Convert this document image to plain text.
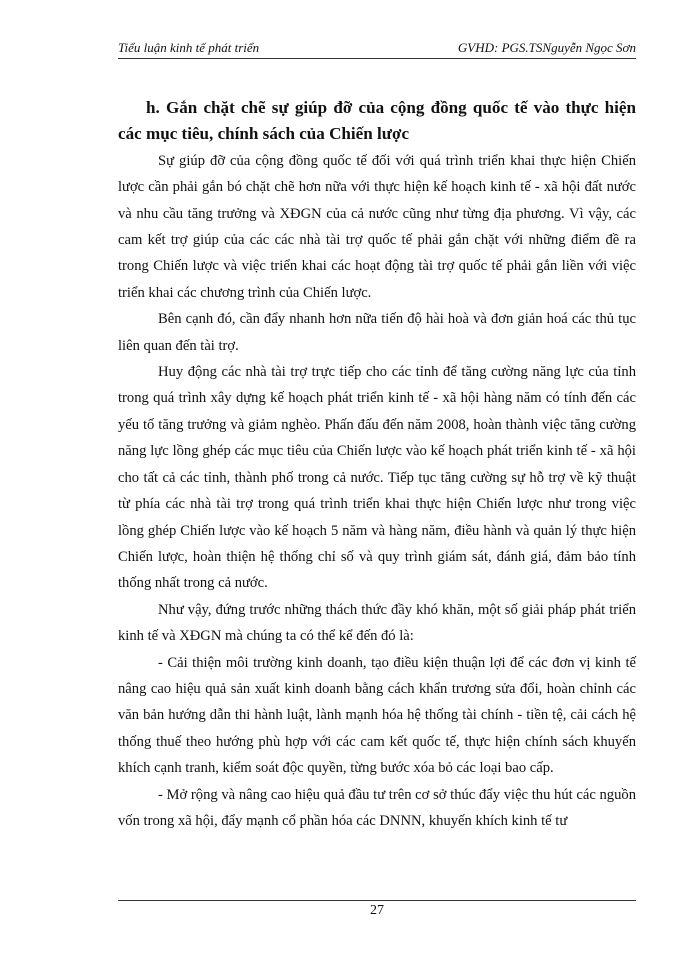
Tiểu luận kinh tế phát triển	GVHD: PGS.TSNguyễn Ngọc Sơn
h. Gắn chặt chẽ sự giúp đỡ của cộng đồng quốc tế vào thực hiện các mục tiêu, chính sách của Chiến lược

Sự giúp đỡ của cộng đồng quốc tế đối với quá trình triển khai thực hiện Chiến lược cần phải gắn bó chặt chẽ hơn nữa với thực hiện kế hoạch kinh tế - xã hội đất nước và nhu cầu tăng trưởng và XĐGN của cả nước cũng như từng địa phương. Vì vậy, các cam kết trợ giúp của các các nhà tài trợ quốc tế phải gắn chặt với những điểm đề ra trong Chiến lược và việc triển khai các hoạt động tài trợ quốc tế phải gắn liền với việc triển khai các chương trình của Chiến lược.

Bên cạnh đó, cần đẩy nhanh hơn nữa tiến độ hài hoà và đơn giản hoá các thủ tục liên quan đến tài trợ.

Huy động các nhà tài trợ trực tiếp cho các tỉnh để tăng cường năng lực của tỉnh trong quá trình xây dựng kế hoạch phát triển kinh tế - xã hội hàng năm có tính đến các yếu tố tăng trưởng và giảm nghèo. Phấn đấu đến năm 2008, hoàn thành việc tăng cường năng lực lồng ghép các mục tiêu của Chiến lược vào kế hoạch phát triển kinh tế - xã hội cho tất cả các tỉnh, thành phố trong cả nước. Tiếp tục tăng cường sự hỗ trợ về kỹ thuật từ phía các nhà tài trợ trong quá trình triển khai thực hiện Chiến lược như trong việc lồng ghép Chiến lược vào kế hoạch 5 năm và hàng năm, điều hành và quản lý thực hiện Chiến lược, hoàn thiện hệ thống chỉ số và quy trình giám sát, đánh giá, đảm bảo tính thống nhất trong cả nước.

Như vậy, đứng trước những thách thức đầy khó khăn, một số giải pháp phát triển kinh tế và XĐGN mà chúng ta có thể kể đến đó là:

- Cải thiện môi trường kinh doanh, tạo điều kiện thuận lợi để các đơn vị kinh tế nâng cao hiệu quả sản xuất kinh doanh bằng cách khẩn trương sửa đổi, hoàn chỉnh các văn bản hướng dẫn thi hành luật, lành mạnh hóa hệ thống tài chính - tiền tệ, cải cách hệ thống thuế theo hướng phù hợp với các cam kết quốc tế, thực hiện chính sách khuyến khích cạnh tranh, kiểm soát độc quyền, từng bước xóa bỏ các loại bao cấp.

- Mở rộng và nâng cao hiệu quả đầu tư trên cơ sở thúc đẩy việc thu hút các nguồn vốn trong xã hội, đẩy mạnh cổ phần hóa các DNNN, khuyến khích kinh tế tư

27
